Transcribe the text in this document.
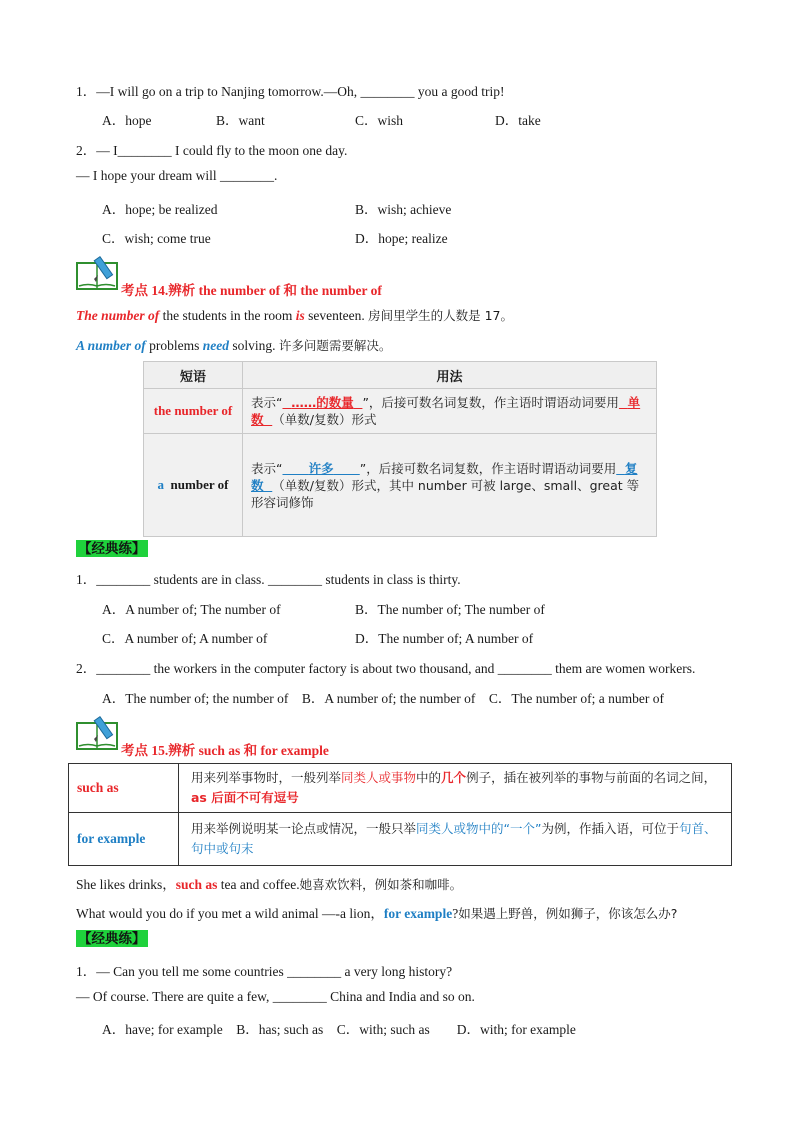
1．—I will go on a trip to Nanjing tomorrow.—Oh, ________ you a good trip!
A．hope	C．wish
B．want	D．take
2．— I________ I could fly to the moon one day.
— I hope your dream will ________.
A．hope; be realized	B．wish; achieve
C．wish; come true	D．hope; realize
考点 14.辨析 the number of 和 the number of
The number of the students in the room is seventeen. 房间里学生的人数是 17。
A number of problems need solving. 许多问题需要解决。
短语	用法
the number of	表示“ ……的数量 ”，后接可数名词复数，作主语时谓语动词要用 单数 （单数/复数）形式
a number of	表示“ 许多 ”，后接可数名词复数，作主语时谓语动词要用 复数 （单数/复数）形式，其中 number 可被 large、small、great 等形容词修饰
【经典练】
1．________ students are in class. ________ students in class is thirty.
A．A number of; The number of	B．The number of; The number of
C．A number of; A number of	D．The number of; A number of
2．________ the workers in the computer factory is about two thousand, and ________ them are women workers.
A．The number of; the number of    B．A number of; the number of    C．The number of; a number of
考点 15.辨析 such as 和 for example
such as	用来列举事物时，一般列举同类人或事物中的几个例子，插在被列举的事物与前面的名词之间，as 后面不可有逗号
for example	用来举例说明某一论点或情况，一般只举同类人或物中的“一个”为例，作插入语，可位于句首、句中或句末
She likes drinks，such as tea and coffee.她喜欢饮料，例如茶和咖啡。
What would you do if you met a wild animal —-a lion，for example?如果遇上野兽，例如狮子，你该怎么办?
【经典练】
1．— Can you tell me some countries ________ a very long history?
— Of course. There are quite a few, ________ China and India and so on.
A．have; for example    B．has; such as    C．with; such as        D．with; for example
